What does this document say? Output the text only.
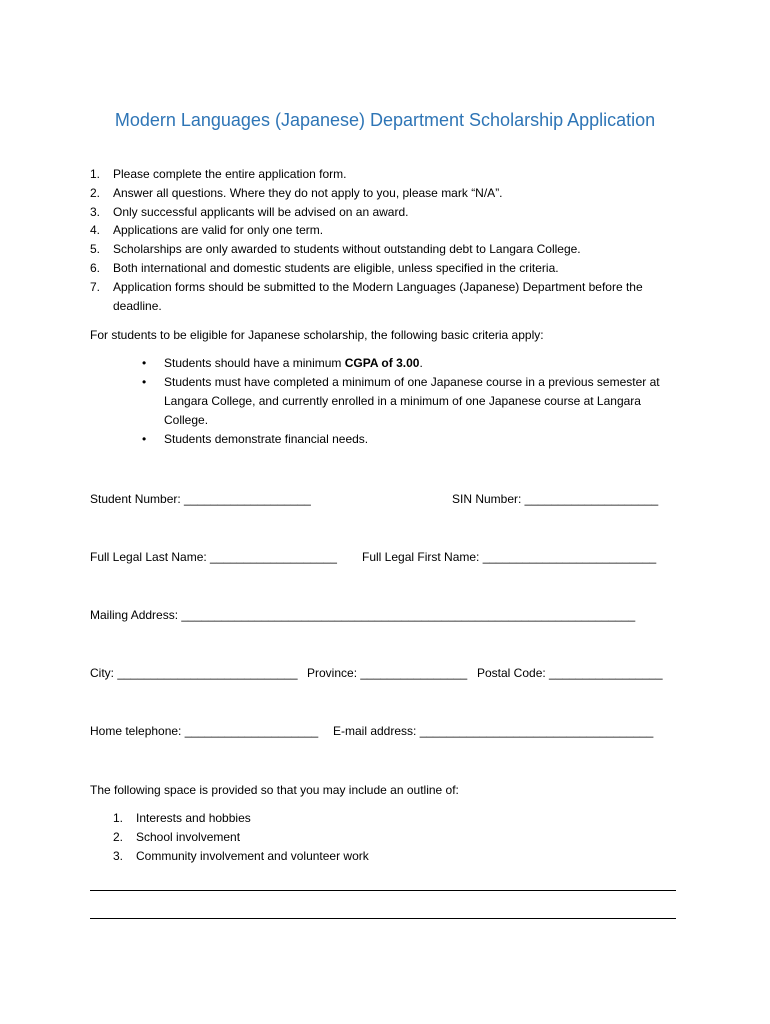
Modern Languages (Japanese) Department Scholarship Application
1. Please complete the entire application form.
2. Answer all questions. Where they do not apply to you, please mark “N/A”.
3. Only successful applicants will be advised on an award.
4. Applications are valid for only one term.
5. Scholarships are only awarded to students without outstanding debt to Langara College.
6. Both international and domestic students are eligible, unless specified in the criteria.
7. Application forms should be submitted to the Modern Languages (Japanese) Department before the deadline.
For students to be eligible for Japanese scholarship, the following basic criteria apply:
• Students should have a minimum CGPA of 3.00.
• Students must have completed a minimum of one Japanese course in a previous semester at Langara College, and currently enrolled in a minimum of one Japanese course at Langara College.
• Students demonstrate financial needs.
Student Number: ___________________	SIN Number: ____________________
Full Legal Last Name: ___________________ Full Legal First Name: __________________________
Mailing Address: ____________________________________________________________________
City: ___________________________ Province: ________________ Postal Code: _________________
Home telephone: ____________________ E-mail address: ___________________________________
The following space is provided so that you may include an outline of:
1. Interests and hobbies
2. School involvement
3. Community involvement and volunteer work
